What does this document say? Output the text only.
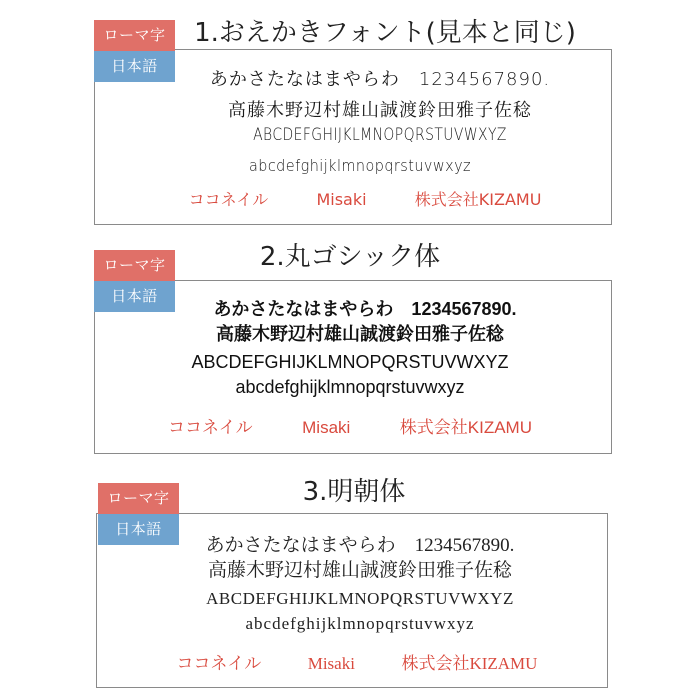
ローマ字
日本語
1.おえかきフォント(見本と同じ)
あかさたなはまやらわ　1234567890.
高藤木野辺村雄山誠渡鈴田雅子佐稔
ABCDEFGHIJKLMNOPQRSTUVWXYZ
abcdefghijklmnopqrstuvwxyz
ココネイル	Misaki	株式会社KIZAMU
ローマ字
日本語
2.丸ゴシック体
あかさたなはまやらわ　1234567890.
高藤木野辺村雄山誠渡鈴田雅子佐稔
ABCDEFGHIJKLMNOPQRSTUVWXYZ
abcdefghijklmnopqrstuvwxyz
ココネイル	Misaki	株式会社KIZAMU
ローマ字
日本語
3.明朝体
あかさたなはまやらわ　1234567890.
高藤木野辺村雄山誠渡鈴田雅子佐稔
ABCDEFGHIJKLMNOPQRSTUVWXYZ
abcdefghijklmnopqrstuvwxyz
ココネイル	Misaki	株式会社KIZAMU
